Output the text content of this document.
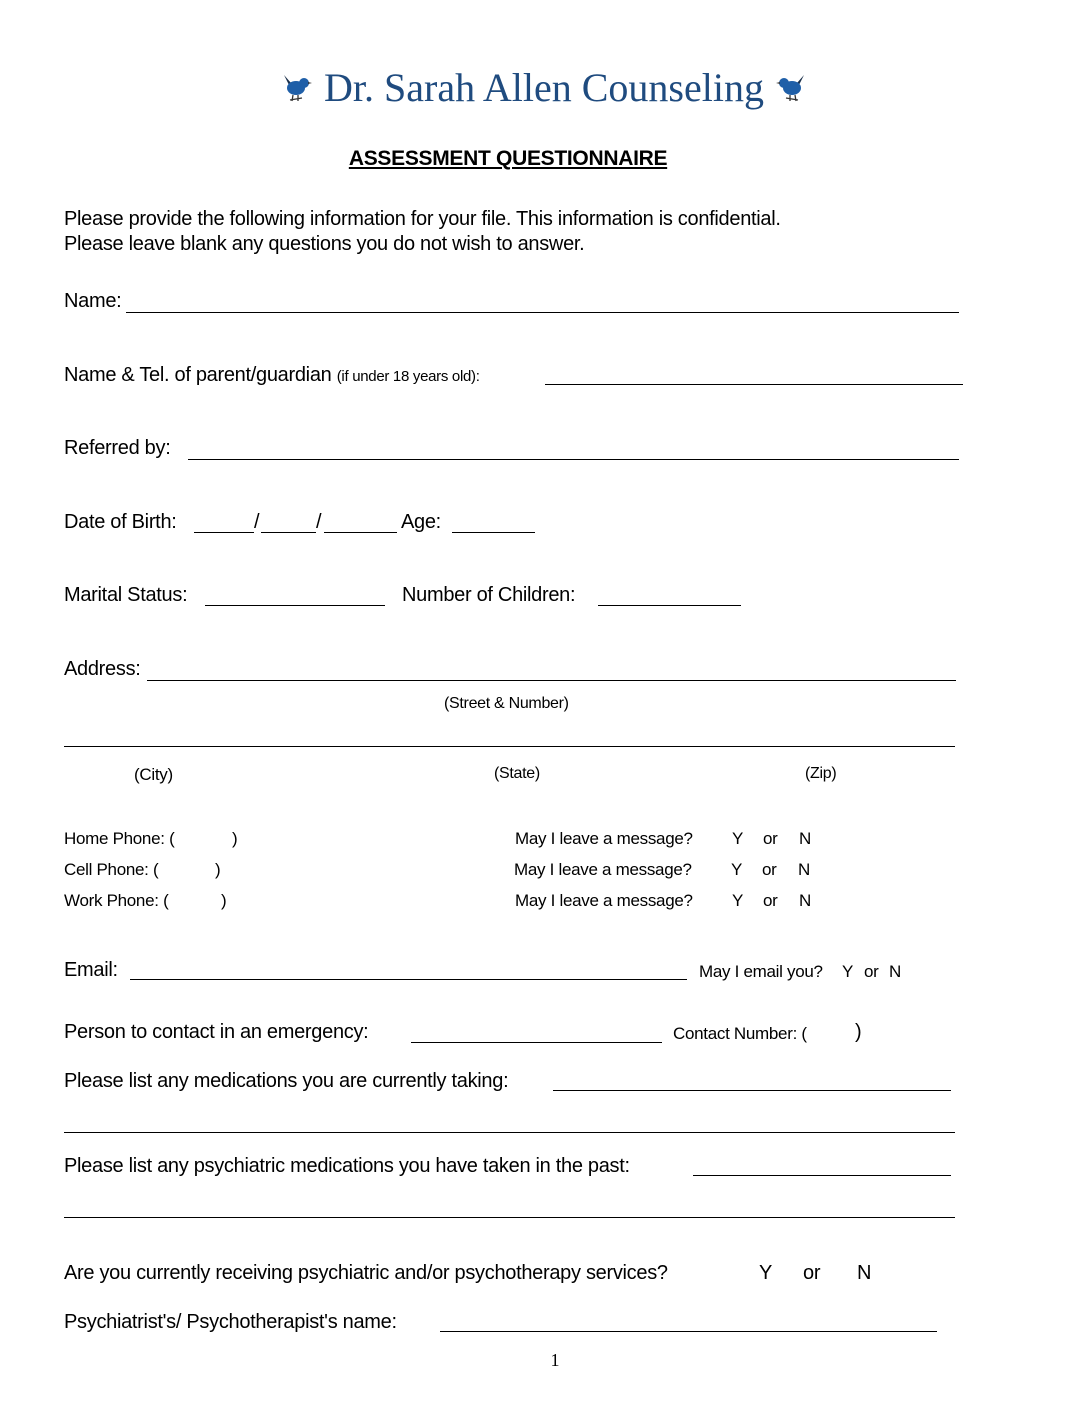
Dr. Sarah Allen Counseling
ASSESSMENT QUESTIONNAIRE
Please provide the following information for your file. This information is confidential.
Please leave blank any questions you do not wish to answer.
Name:
Name & Tel. of parent/guardian (if under 18 years old):
Referred by:
Date of Birth:	/	/	Age:
Marital Status:	Number of Children:
Address:
(Street & Number)
(City)	(State)	(Zip)
Home Phone: (	)	May I leave a message? Y or N
Cell Phone: (	)	May I leave a message? Y or N
Work Phone: (	)	May I leave a message? Y or N
Email:	May I email you? Y or N
Person to contact in an emergency:	Contact Number: ( )
Please list any medications you are currently taking:
Please list any psychiatric medications you have taken in the past:
Are you currently receiving psychiatric and/or psychotherapy services?	Y or N
Psychiatrist's/ Psychotherapist's name:
1
